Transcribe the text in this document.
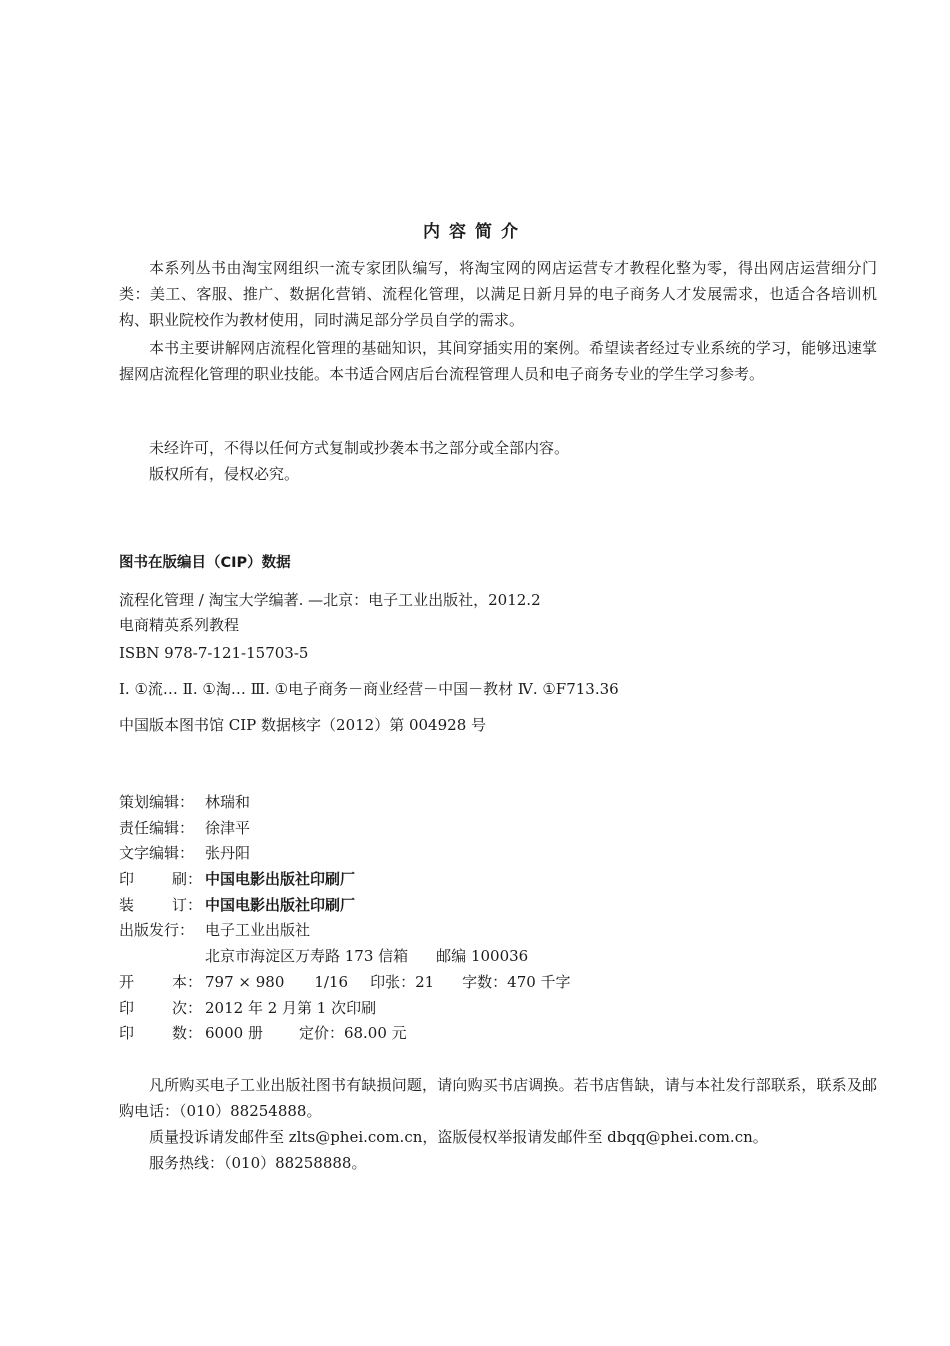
内容简介

本系列丛书由淘宝网组织一流专家团队编写，将淘宝网的网店运营专才教程化整为零，得出网店运营细分门类：美工、客服、推广、数据化营销、流程化管理，以满足日新月异的电子商务人才发展需求，也适合各培训机构、职业院校作为教材使用，同时满足部分学员自学的需求。

本书主要讲解网店流程化管理的基础知识，其间穿插实用的案例。希望读者经过专业系统的学习，能够迅速掌握网店流程化管理的职业技能。本书适合网店后台流程管理人员和电子商务专业的学生学习参考。

未经许可，不得以任何方式复制或抄袭本书之部分或全部内容。

版权所有，侵权必究。

图书在版编目（CIP）数据
流程化管理 / 淘宝大学编著. —北京：电子工业出版社，2012.2
电商精英系列教程
ISBN 978-7-121-15703-5
Ⅰ. ①流… Ⅱ. ①淘… Ⅲ. ①电子商务－商业经营－中国－教材 Ⅳ. ①F713.36
中国版本图书馆 CIP 数据核字（2012）第 004928 号
策划编辑： 林瑞和
责任编辑： 徐津平
文字编辑： 张丹阳
印	刷： 中国电影出版社印刷厂
装	订： 中国电影出版社印刷厂
出版发行： 电子工业出版社
北京市海淀区万寿路 173 信箱 邮编 100036
开	本： 797 × 980 1/16 印张：21 字数：470 千字
印	次： 2012 年 2 月第 1 次印刷
印	数： 6000 册 定价：68.00 元

凡所购买电子工业出版社图书有缺损问题，请向购买书店调换。若书店售缺，请与本社发行部联系，联系及邮购电话：（010）88254888。

质量投诉请发邮件至 zlts@phei.com.cn，盗版侵权举报请发邮件至 dbqq@phei.com.cn。

服务热线：（010）88258888。
